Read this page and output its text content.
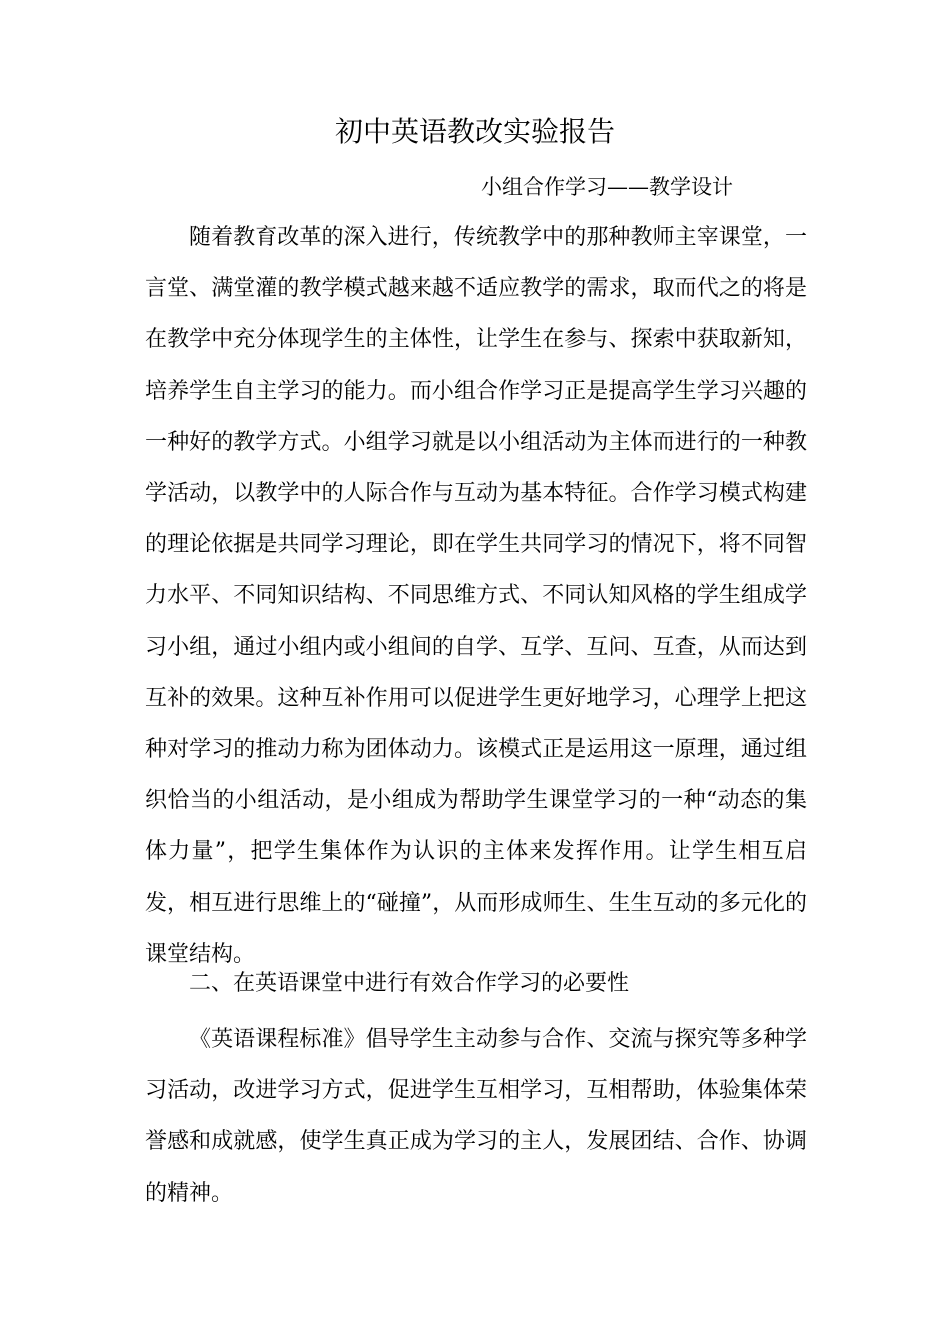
初中英语教改实验报告
小组合作学习——教学设计

随着教育改革的深入进行，传统教学中的那种教师主宰课堂，一言堂、满堂灌的教学模式越来越不适应教学的需求，取而代之的将是在教学中充分体现学生的主体性，让学生在参与、探索中获取新知，培养学生自主学习的能力。而小组合作学习正是提高学生学习兴趣的一种好的教学方式。小组学习就是以小组活动为主体而进行的一种教学活动，以教学中的人际合作与互动为基本特征。合作学习模式构建的理论依据是共同学习理论，即在学生共同学习的情况下，将不同智力水平、不同知识结构、不同思维方式、不同认知风格的学生组成学习小组，通过小组内或小组间的自学、互学、互问、互查，从而达到互补的效果。这种互补作用可以促进学生更好地学习，心理学上把这种对学习的推动力称为团体动力。该模式正是运用这一原理，通过组织恰当的小组活动，是小组成为帮助学生课堂学习的一种“动态的集体力量”，把学生集体作为认识的主体来发挥作用。让学生相互启发，相互进行思维上的“碰撞”，从而形成师生、生生互动的多元化的课堂结构。

二、在英语课堂中进行有效合作学习的必要性

《英语课程标准》倡导学生主动参与合作、交流与探究等多种学习活动，改进学习方式，促进学生互相学习，互相帮助，体验集体荣誉感和成就感，使学生真正成为学习的主人，发展团结、合作、协调的精神。
